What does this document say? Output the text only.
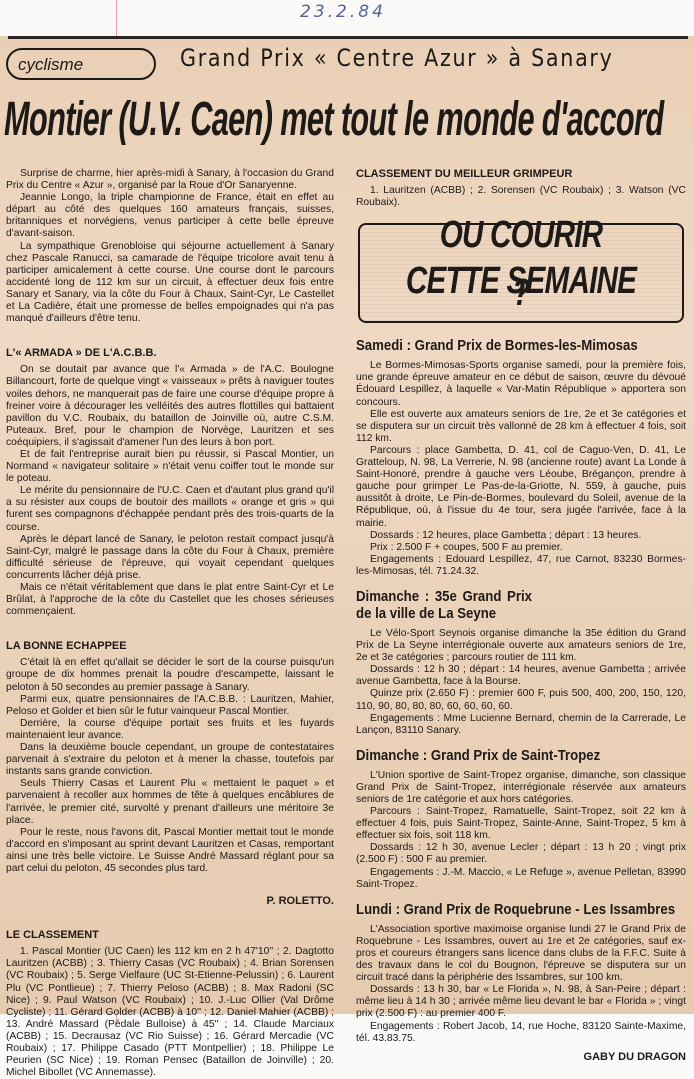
23.2.84
cyclisme	Grand Prix « Centre Azur » à Sanary
Montier (U.V. Caen) met tout le monde d'accord

Surprise de charme, hier après-midi à Sanary, à l'occasion du Grand Prix du Centre « Azur », organisé par la Roue d'Or Sanaryenne.

Jeannie Longo, la triple championne de France, était en effet au départ au côté des quelques 160 amateurs français, suisses, britanniques et norvégiens, venus participer à cette belle épreuve d'avant-saison.

La sympathique Grenobloise qui séjourne actuellement à Sanary chez Pascale Ranucci, sa camarade de l'équipe tricolore avait tenu à participer amicalement à cette course. Une course dont le parcours accidenté long de 112 km sur un circuit, à effectuer deux fois entre Sanary et Sanary, via la côte du Four à Chaux, Saint-Cyr, Le Castellet et La Cadière, était une promesse de belles empoignades qui n'a pas manqué d'ailleurs d'être tenu.

L'« ARMADA » DE L'A.C.B.B.

On se doutait par avance que l'« Armada » de l'A.C. Boulogne Billancourt, forte de quelque vingt « vaisseaux » prêts à naviguer toutes voiles dehors, ne manquerait pas de faire une course d'équipe propre à freiner voire à décourager les velléités des autres flottilles qui battaient pavillon du V.C. Roubaix, du bataillon de Joinville où, autre C.S.M. Puteaux. Bref, pour le champion de Norvège, Lauritzen et ses coéquipiers, il s'agissait d'amener l'un des leurs à bon port.

Et de fait l'entreprise aurait bien pu réussir, si Pascal Montier, un Normand « navigateur solitaire » n'était venu coiffer tout le monde sur le poteau.

Le mérite du pensionnaire de l'U.C. Caen et d'autant plus grand qu'il a su résister aux coups de boutoir des maillots « orange et gris » qui furent ses compagnons d'échappée pendant près des trois-quarts de la course.

Après le départ lancé de Sanary, le peloton restait compact jusqu'à Saint-Cyr, malgré le passage dans la côte du Four à Chaux, première difficulté sérieuse de l'épreuve, qui voyait cependant quelques concurrents lâcher déjà prise.

Mais ce n'était véritablement que dans le plat entre Saint-Cyr et Le Brûlat, à l'approche de la côte du Castellet que les choses sérieuses commençaient.

LA BONNE ECHAPPEE

C'était là en effet qu'allait se décider le sort de la course puisqu'un groupe de dix hommes prenait la poudre d'escampette, laissant le peloton à 50 secondes au premier passage à Sanary.

Parmi eux, quatre pensionnaires de l'A.C.B.B. : Lauritzen, Mahier, Peloso et Golder et bien sûr le futur vainqueur Pascal Montier.

Derrière, la course d'équipe portait ses fruits et les fuyards maintenaient leur avance.

Dans la deuxième boucle cependant, un groupe de contestataires parvenait à s'extraire du peloton et à mener la chasse, toutefois par instants sans grande conviction.

Seuls Thierry Casas et Laurent Plu « mettaient le paquet » et parvenaient à recoller aux hommes de tête à quelques encâblures de l'arrivée, le premier cité, survolté y prenant d'ailleurs une méritoire 3e place.

Pour le reste, nous l'avons dit, Pascal Montier mettait tout le monde d'accord en s'imposant au sprint devant Lauritzen et Casas, remportant ainsi une très belle victoire. Le Suisse André Massard réglant pour sa part celui du peloton, 45 secondes plus tard.

P. ROLETTO.
LE CLASSEMENT

1. Pascal Montier (UC Caen) les 112 km en 2 h 47'10'' ; 2. Dagtotto Lauritzen (ACBB) ; 3. Thierry Casas (VC Roubaix) ; 4. Brian Sorensen (VC Roubaix) ; 5. Serge Vielfaure (UC St-Etienne-Pelussin) ; 6. Laurent Plu (VC Pontlieue) ; 7. Thierry Peloso (ACBB) ; 8. Max Radoni (SC Nice) ; 9. Paul Watson (VC Roubaix) ; 10. J.-Luc Ollier (Val Drôme Cycliste) ; 11. Gérard Golder (ACBB) à 10'' ; 12. Daniel Mahier (ACBB) ; 13. André Massard (Pédale Bulloise) à 45'' ; 14. Claude Marciaux (ACBB) ; 15. Decrausaz (VC Rio Suisse) ; 16. Gérard Mercadie (VC Roubaix) ; 17. Philippe Casado (PTT Montpellier) ; 18. Philippe Le Peurien (SC Nice) ; 19. Roman Pensec (Bataillon de Joinville) ; 20. Michel Bibollet (VC Annemasse).

CLASSEMENT DU MEILLEUR GRIMPEUR

1. Lauritzen (ACBB) ; 2. Sorensen (VC Roubaix) ; 3. Watson (VC Roubaix).

OU COURIR
CETTE SEMAINE ?
Samedi : Grand Prix de Bormes-les-Mimosas

Le Bormes-Mimosas-Sports organise samedi, pour la première fois, une grande épreuve amateur en ce début de saison, œuvre du dévoué Édouard Lespillez, à laquelle « Var-Matin République » apportera son concours.

Elle est ouverte aux amateurs seniors de 1re, 2e et 3e catégories et se disputera sur un circuit très vallonné de 28 km à effectuer 4 fois, soit 112 km.

Parcours : place Gambetta, D. 41, col de Caguo-Ven, D. 41, Le Gratteloup, N. 98, La Verrerie, N. 98 (ancienne route) avant La Londe à Saint-Honoré, prendre à gauche vers Léoube, Brégançon, prendre à gauche pour grimper Le Pas-de-la-Griotte, N. 559, à gauche, puis aussitôt à droite, Le Pin-de-Bormes, boulevard du Soleil, avenue de la République, où, à l'issue du 4e tour, sera jugée l'arrivée, face à la mairie.

Dossards : 12 heures, place Gambetta ; départ : 13 heures.

Prix : 2.500 F + coupes, 500 F au premier.

Engagements : Edouard Lespillez, 47, rue Carnot, 83230 Bormes-les-Mimosas, tél. 71.24.32.

Dimanche : 35e Grand Prix de la ville de La Seyne

Le Vélo-Sport Seynois organise dimanche la 35e édition du Grand Prix de La Seyne interrégionale ouverte aux amateurs seniors de 1re, 2e et 3e catégories ; parcours routier de 111 km.

Dossards : 12 h 30 ; départ : 14 heures, avenue Gambetta ; arrivée avenue Gambetta, face à la Bourse.

Quinze prix (2.650 F) : premier 600 F, puis 500, 400, 200, 150, 120, 110, 90, 80, 80, 80, 60, 60, 60, 60.

Engagements : Mme Lucienne Bernard, chemin de la Carrerade, Le Lançon, 83110 Sanary.

Dimanche : Grand Prix de Saint-Tropez

L'Union sportive de Saint-Tropez organise, dimanche, son classique Grand Prix de Saint-Tropez, interrégionale réservée aux amateurs seniors de 1re catégorie et aux hors catégories.

Parcours : Saint-Tropez, Ramatuelle, Saint-Tropez, soit 22 km à effectuer 4 fois, puis Saint-Tropez, Sainte-Anne, Saint-Tropez, 5 km à effectuer six fois, soit 118 km.

Dossards : 12 h 30, avenue Lecler ; départ : 13 h 20 ; vingt prix (2.500 F) : 500 F au premier.

Engagements : J.-M. Maccio, « Le Refuge », avenue Pelletan, 83990 Saint-Tropez.

Lundi : Grand Prix de Roquebrune - Les Issambres

L'Association sportive maximoise organise lundi 27 le Grand Prix de Roquebrune - Les Issambres, ouvert au 1re et 2e catégories, sauf ex-pros et coureurs étrangers sans licence dans clubs de la F.F.C. Suite à des travaux dans le col du Bougnon, l'épreuve se disputera sur un circuit tracé dans la périphérie des Issambres, sur 100 km.

Dossards : 13 h 30, bar « Le Florida », N. 98, à San-Peire ; départ : même lieu à 14 h 30 ; arrivée même lieu devant le bar « Florida » ; vingt prix (2.500 F) : au premier 400 F.

Engagements : Robert Jacob, 14, rue Hoche, 83120 Sainte-Maxime, tél. 43.83.75.

GABY DU DRAGON
